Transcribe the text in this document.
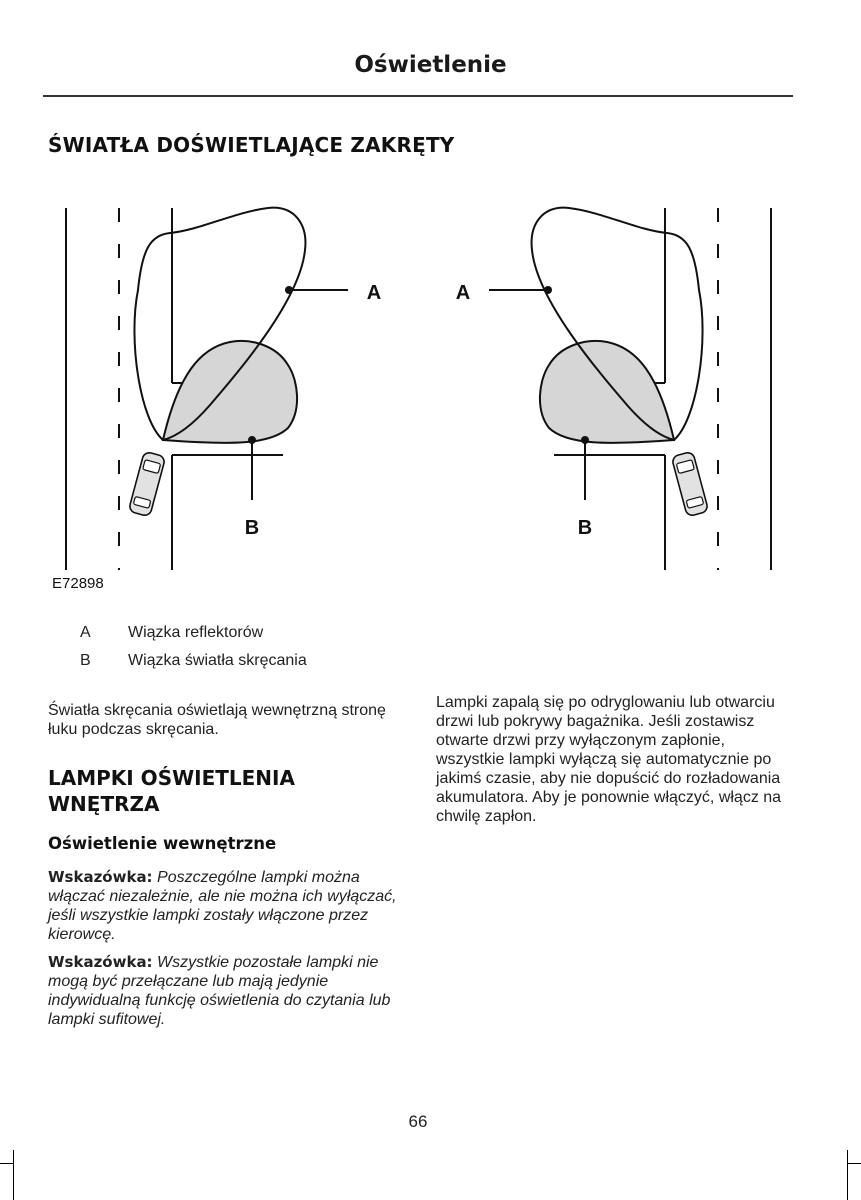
Oświetlenie
ŚWIATŁA DOŚWIETLAJĄCE ZAKRĘTY
A
B
A
B
E72898
A Wiązka reflektorów
B Wiązka światła skręcania

Światła skręcania oświetlają wewnętrzną stronę łuku podczas skręcania.

LAMPKI OŚWIETLENIA WNĘTRZA
Oświetlenie wewnętrzne

Wskazówka: Poszczególne lampki można włączać niezależnie, ale nie można ich wyłączać, jeśli wszystkie lampki zostały włączone przez kierowcę.

Wskazówka: Wszystkie pozostałe lampki nie mogą być przełączane lub mają jedynie indywidualną funkcję oświetlenia do czytania lub lampki sufitowej.

Lampki zapalą się po odryglowaniu lub otwarciu drzwi lub pokrywy bagażnika. Jeśli zostawisz otwarte drzwi przy wyłączonym zapłonie, wszystkie lampki wyłączą się automatycznie po jakimś czasie, aby nie dopuścić do rozładowania akumulatora. Aby je ponownie włączyć, włącz na chwilę zapłon.

66
